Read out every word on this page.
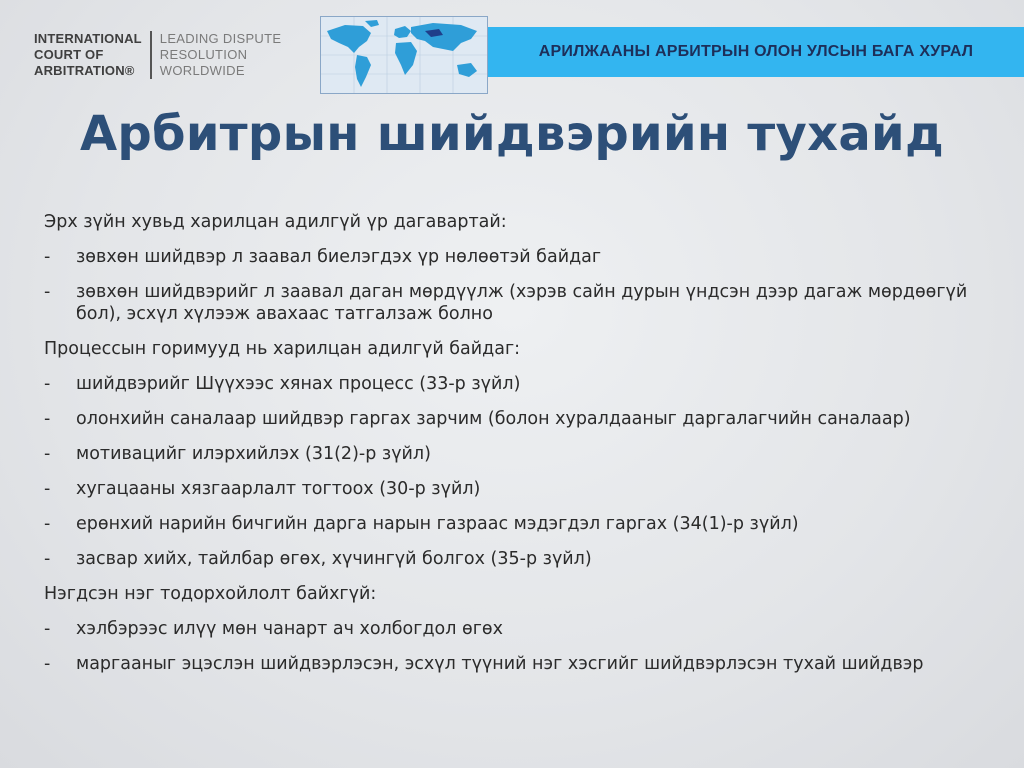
INTERNATIONAL
COURT OF
ARBITRATION®
LEADING DISPUTE
RESOLUTION
WORLDWIDE
АРИЛЖААНЫ АРБИТРЫН ОЛОН УЛСЫН БАГА ХУРАЛ
Арбитрын шийдвэрийн тухайд
Эрх зүйн хувьд харилцан адилгүй үр дагавартай:
-	зөвхөн шийдвэр л заавал биелэгдэх үр нөлөөтэй байдаг
-	зөвхөн шийдвэрийг л заавал даган мөрдүүлж (хэрэв сайн дурын үндсэн дээр дагаж мөрдөөгүй бол), эсхүл хүлээж авахаас татгалзаж болно
Процессын горимууд нь харилцан адилгүй байдаг:
-	шийдвэрийг Шүүхээс хянах процесс (33-р зүйл)
-	олонхийн саналаар шийдвэр гаргах зарчим (болон хуралдааныг даргалагчийн саналаар)
-	мотивацийг илэрхийлэх (31(2)-р зүйл)
-	хугацааны хязгаарлалт тогтоох (30-р зүйл)
-	ерөнхий нарийн бичгийн дарга нарын газраас мэдэгдэл гаргах (34(1)-р зүйл)
-	засвар хийх, тайлбар өгөх, хүчингүй болгох (35-р зүйл)
Нэгдсэн нэг тодорхойлолт байхгүй:
-	хэлбэрээс илүү мөн чанарт ач холбогдол өгөх
-	маргааныг эцэслэн шийдвэрлэсэн, эсхүл түүний нэг хэсгийг шийдвэрлэсэн тухай шийдвэр
